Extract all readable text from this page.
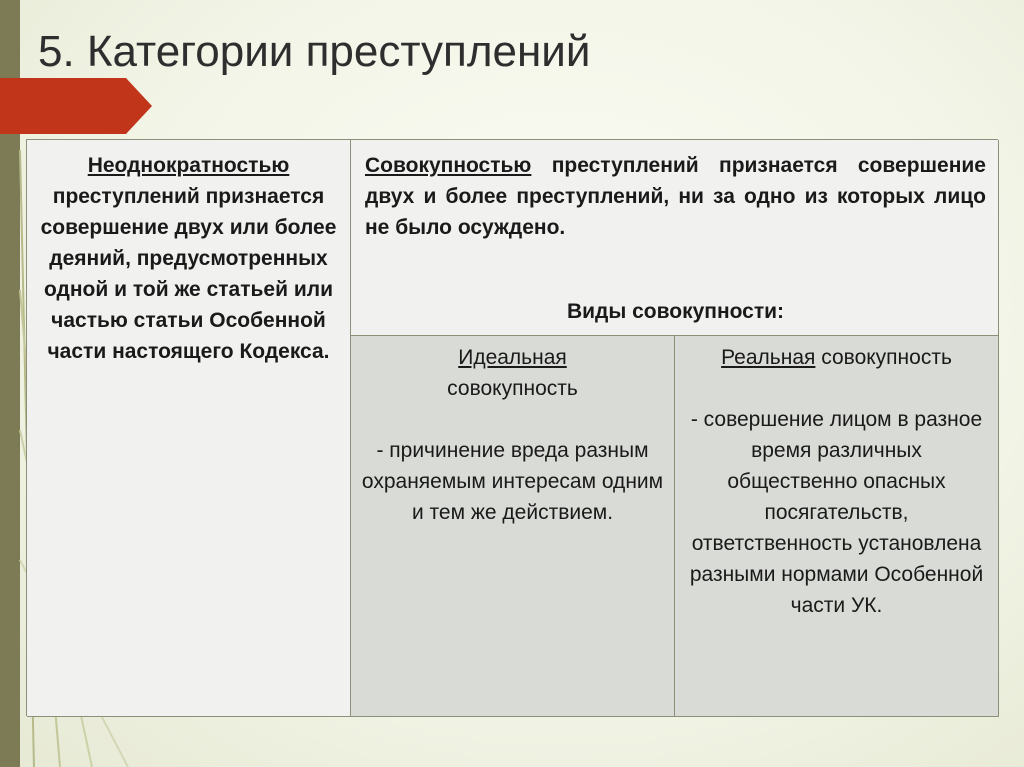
5. Категории преступлений
Неоднократностью преступлений признается совершение двух или более деяний, предусмотренных одной и той же статьей или частью статьи Особенной части настоящего Кодекса.

Совокупностью преступлений признается совершение двух и более преступлений, ни за одно из которых лицо не было осуждено.

Виды совокупности:

Идеальная
совокупность

- причинение вреда разным охраняемым интересам одним и тем же действием.

Реальная совокупность

- совершение лицом в разное время различных общественно опасных посягательств, ответственность установлена разными нормами Особенной части УК.
